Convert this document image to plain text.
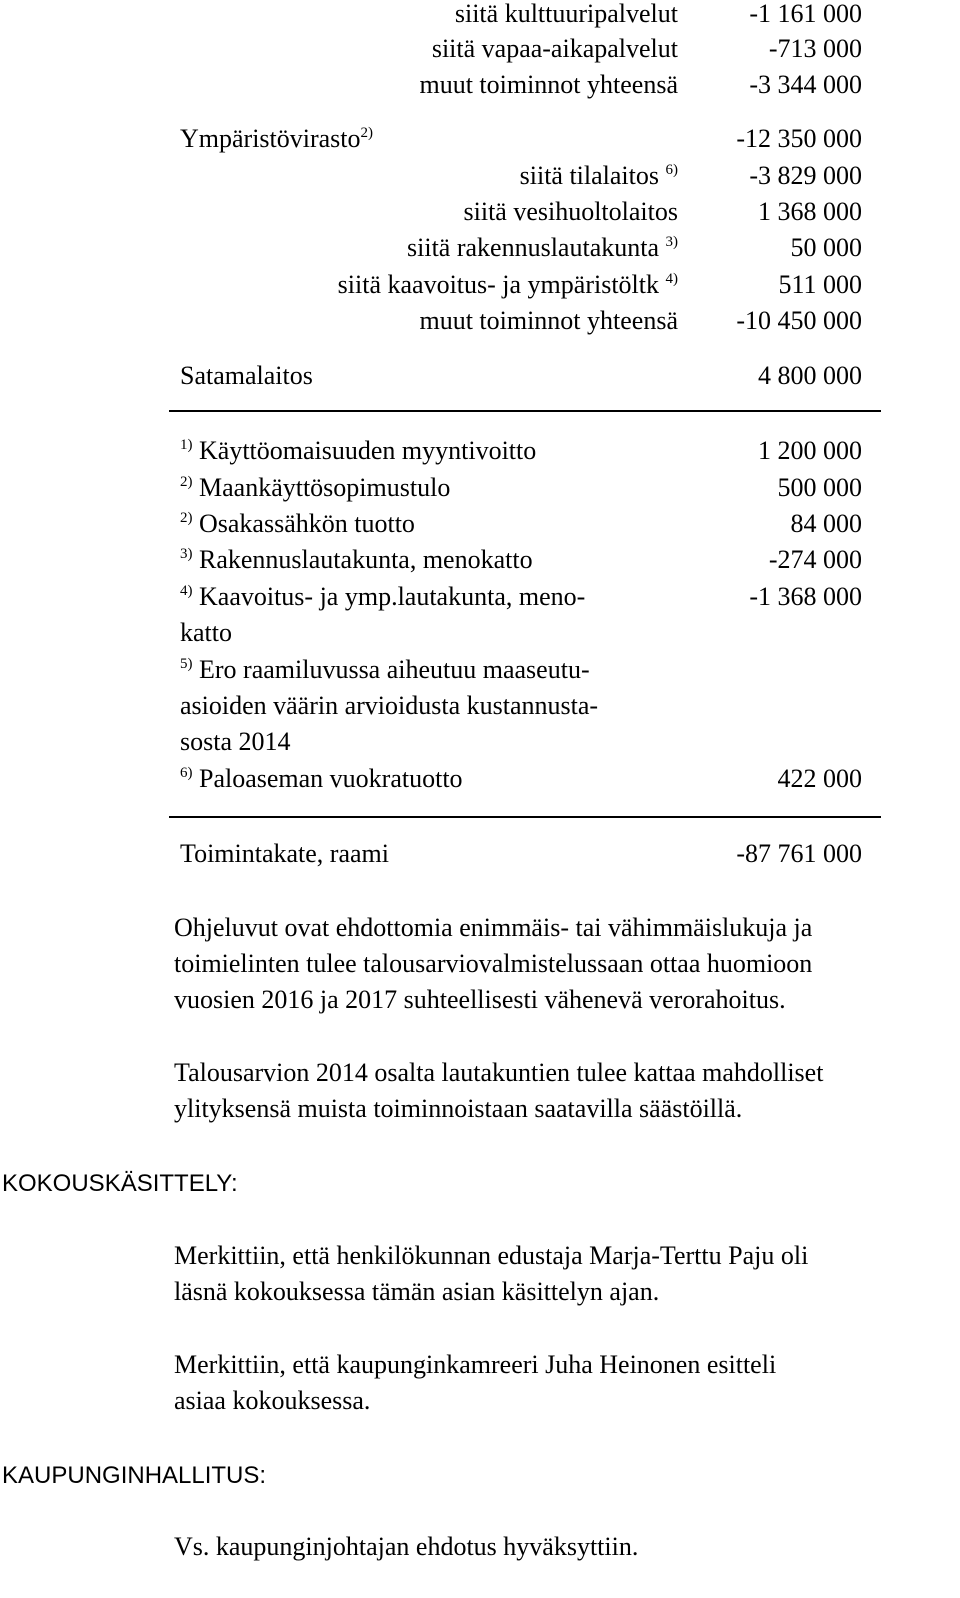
siitä kulttuuripalvelut	-1 161 000
siitä vapaa-aikapalvelut	-713 000
muut toiminnot yhteensä	-3 344 000
Ympäristövirasto$^{2)}$	-12 350 000
siitä tilalaitos $^{6)}$	-3 829 000
siitä vesihuoltolaitos	1 368 000
siitä rakennuslautakunta $^{3)}$	50 000
siitä kaavoitus- ja ympäristöltk $^{4)}$	511 000
muut toiminnot yhteensä -10 450 000
Satamalaitos	4 800 000
$^{1)}$ Käyttöomaisuuden myyntivoitto	1 200 000
$^{2)}$ Maankäyttösopimustulo	500 000
$^{2)}$ Osakassähkön tuotto	84 000
$^{3)}$ Rakennuslautakunta, menokatto	-274 000
$^{4)}$ Kaavoitus- ja ymp.lautakunta, meno-	-1 368 000
katto
$^{5)}$ Ero raamiluvussa aiheutuu maaseutu-
asioiden väärin arvioidusta kustannusta-
sosta 2014
$^{6)}$ Paloaseman vuokratuotto	422 000
Toimintakate, raami	-87 761 000
Ohjeluvut ovat ehdottomia enimmäis- tai vähimmäislukuja ja
toimielinten tulee talousarviovalmistelussaan ottaa huomioon
vuosien 2016 ja 2017 suhteellisesti vähenevä verorahoitus.
Talousarvion 2014 osalta lautakuntien tulee kattaa mahdolliset
ylityksensä muista toiminnoistaan saatavilla säästöillä.
KOKOUSKÄSITTELY:
Merkittiin, että henkilökunnan edustaja Marja-Terttu Paju oli
läsnä kokouksessa tämän asian käsittelyn ajan.
Merkittiin, että kaupunginkamreeri Juha Heinonen esitteli
asiaa kokouksessa.
KAUPUNGINHALLITUS:
Vs. kaupunginjohtajan ehdotus hyväksyttiin.
